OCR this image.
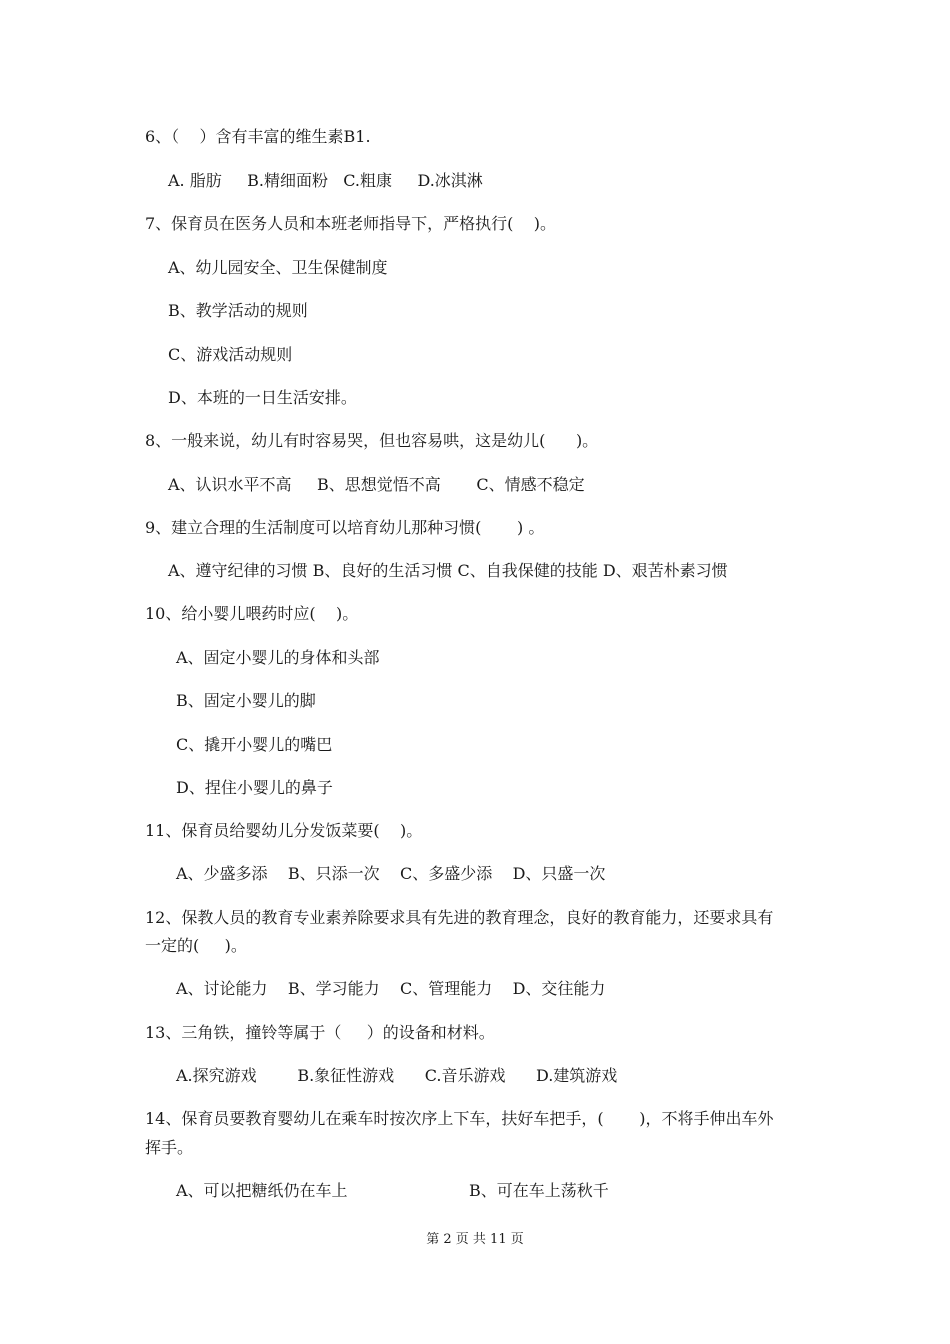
6、（    ）含有丰富的维生素B1.
A. 脂肪     B.精细面粉   C.粗康     D.冰淇淋
7、保育员在医务人员和本班老师指导下，严格执行(    )。
A、幼儿园安全、卫生保健制度
B、教学活动的规则
C、游戏活动规则
D、本班的一日生活安排。
8、一般来说，幼儿有时容易哭，但也容易哄，这是幼儿(      )。
A、认识水平不高     B、思想觉悟不高       C、情感不稳定
9、建立合理的生活制度可以培育幼儿那种习惯(       ) 。
A、遵守纪律的习惯 B、良好的生活习惯 C、自我保健的技能 D、艰苦朴素习惯
10、给小婴儿喂药时应(    )。
A、固定小婴儿的身体和头部
B、固定小婴儿的脚
C、撬开小婴儿的嘴巴
D、捏住小婴儿的鼻子
11、保育员给婴幼儿分发饭菜要(    )。
A、少盛多添    B、只添一次    C、多盛少添    D、只盛一次
12、保教人员的教育专业素养除要求具有先进的教育理念，良好的教育能力，还要求具有
一定的(     )。
A、讨论能力    B、学习能力    C、管理能力    D、交往能力
13、三角铁，撞铃等属于（     ）的设备和材料。
A.探究游戏        B.象征性游戏      C.音乐游戏      D.建筑游戏
14、保育员要教育婴幼儿在乘车时按次序上下车，扶好车把手，(       )，不将手伸出车外
挥手。
A、可以把糖纸仍在车上	B、可在车上荡秋千
第 2 页 共 11 页
